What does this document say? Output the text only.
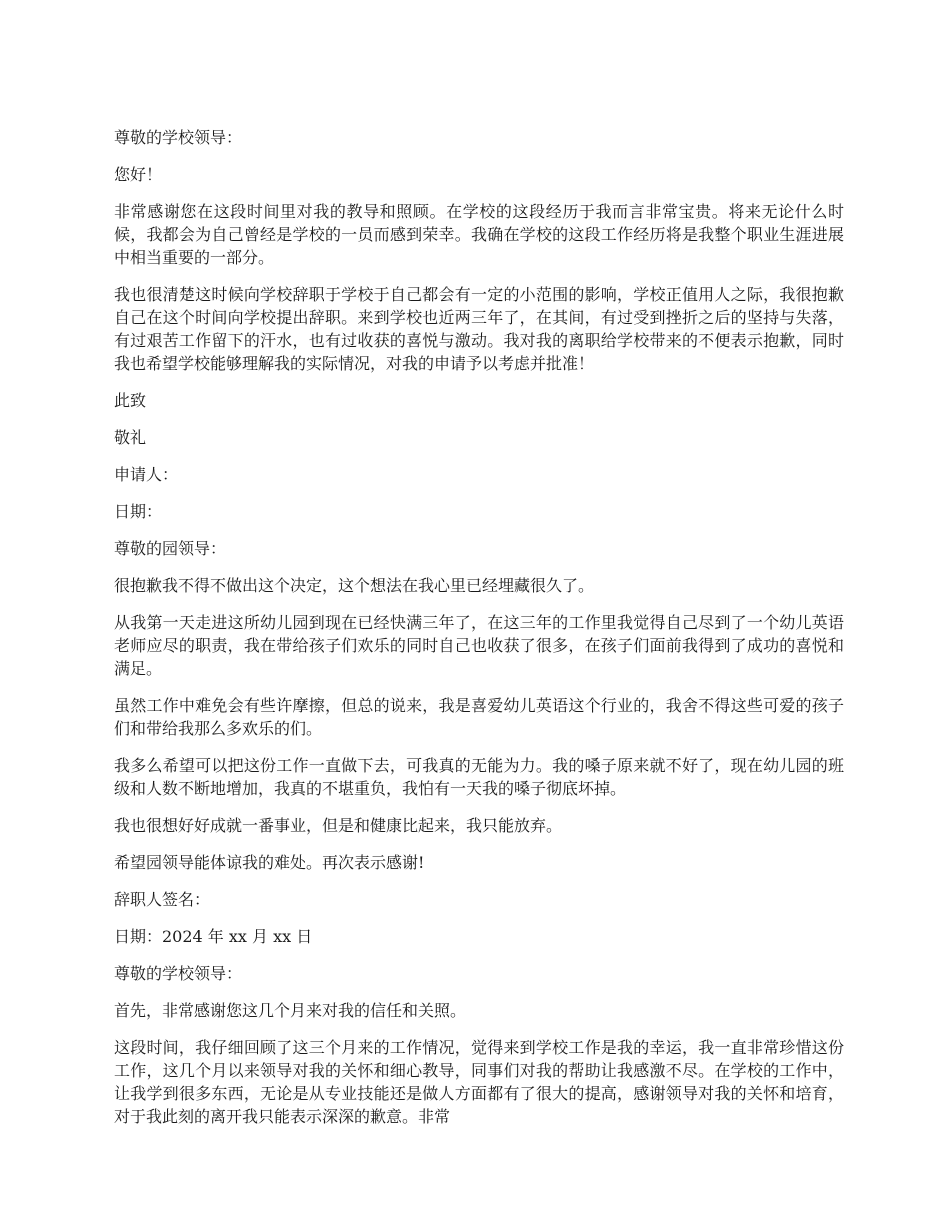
尊敬的学校领导：

您好！

非常感谢您在这段时间里对我的教导和照顾。在学校的这段经历于我而言非常宝贵。将来无论什么时候，我都会为自己曾经是学校的一员而感到荣幸。我确在学校的这段工作经历将是我整个职业生涯进展中相当重要的一部分。

我也很清楚这时候向学校辞职于学校于自己都会有一定的小范围的影响，学校正值用人之际，我很抱歉自己在这个时间向学校提出辞职。来到学校也近两三年了，在其间，有过受到挫折之后的坚持与失落，有过艰苦工作留下的汗水，也有过收获的喜悦与激动。我对我的离职给学校带来的不便表示抱歉，同时我也希望学校能够理解我的实际情况，对我的申请予以考虑并批准！

此致

敬礼

申请人：

日期：

尊敬的园领导：

很抱歉我不得不做出这个决定，这个想法在我心里已经埋藏很久了。

从我第一天走进这所幼儿园到现在已经快满三年了，在这三年的工作里我觉得自己尽到了一个幼儿英语老师应尽的职责，我在带给孩子们欢乐的同时自己也收获了很多，在孩子们面前我得到了成功的喜悦和满足。

虽然工作中难免会有些许摩擦，但总的说来，我是喜爱幼儿英语这个行业的，我舍不得这些可爱的孩子们和带给我那么多欢乐的们。

我多么希望可以把这份工作一直做下去，可我真的无能为力。我的嗓子原来就不好了，现在幼儿园的班级和人数不断地增加，我真的不堪重负，我怕有一天我的嗓子彻底坏掉。

我也很想好好成就一番事业，但是和健康比起来，我只能放弃。

希望园领导能体谅我的难处。再次表示感谢!

辞职人签名：

日期：2024 年 xx 月 xx 日

尊敬的学校领导：

首先，非常感谢您这几个月来对我的信任和关照。

这段时间，我仔细回顾了这三个月来的工作情况，觉得来到学校工作是我的幸运，我一直非常珍惜这份工作，这几个月以来领导对我的关怀和细心教导，同事们对我的帮助让我感激不尽。在学校的工作中，让我学到很多东西，无论是从专业技能还是做人方面都有了很大的提高，感谢领导对我的关怀和培育，对于我此刻的离开我只能表示深深的歉意。非常
